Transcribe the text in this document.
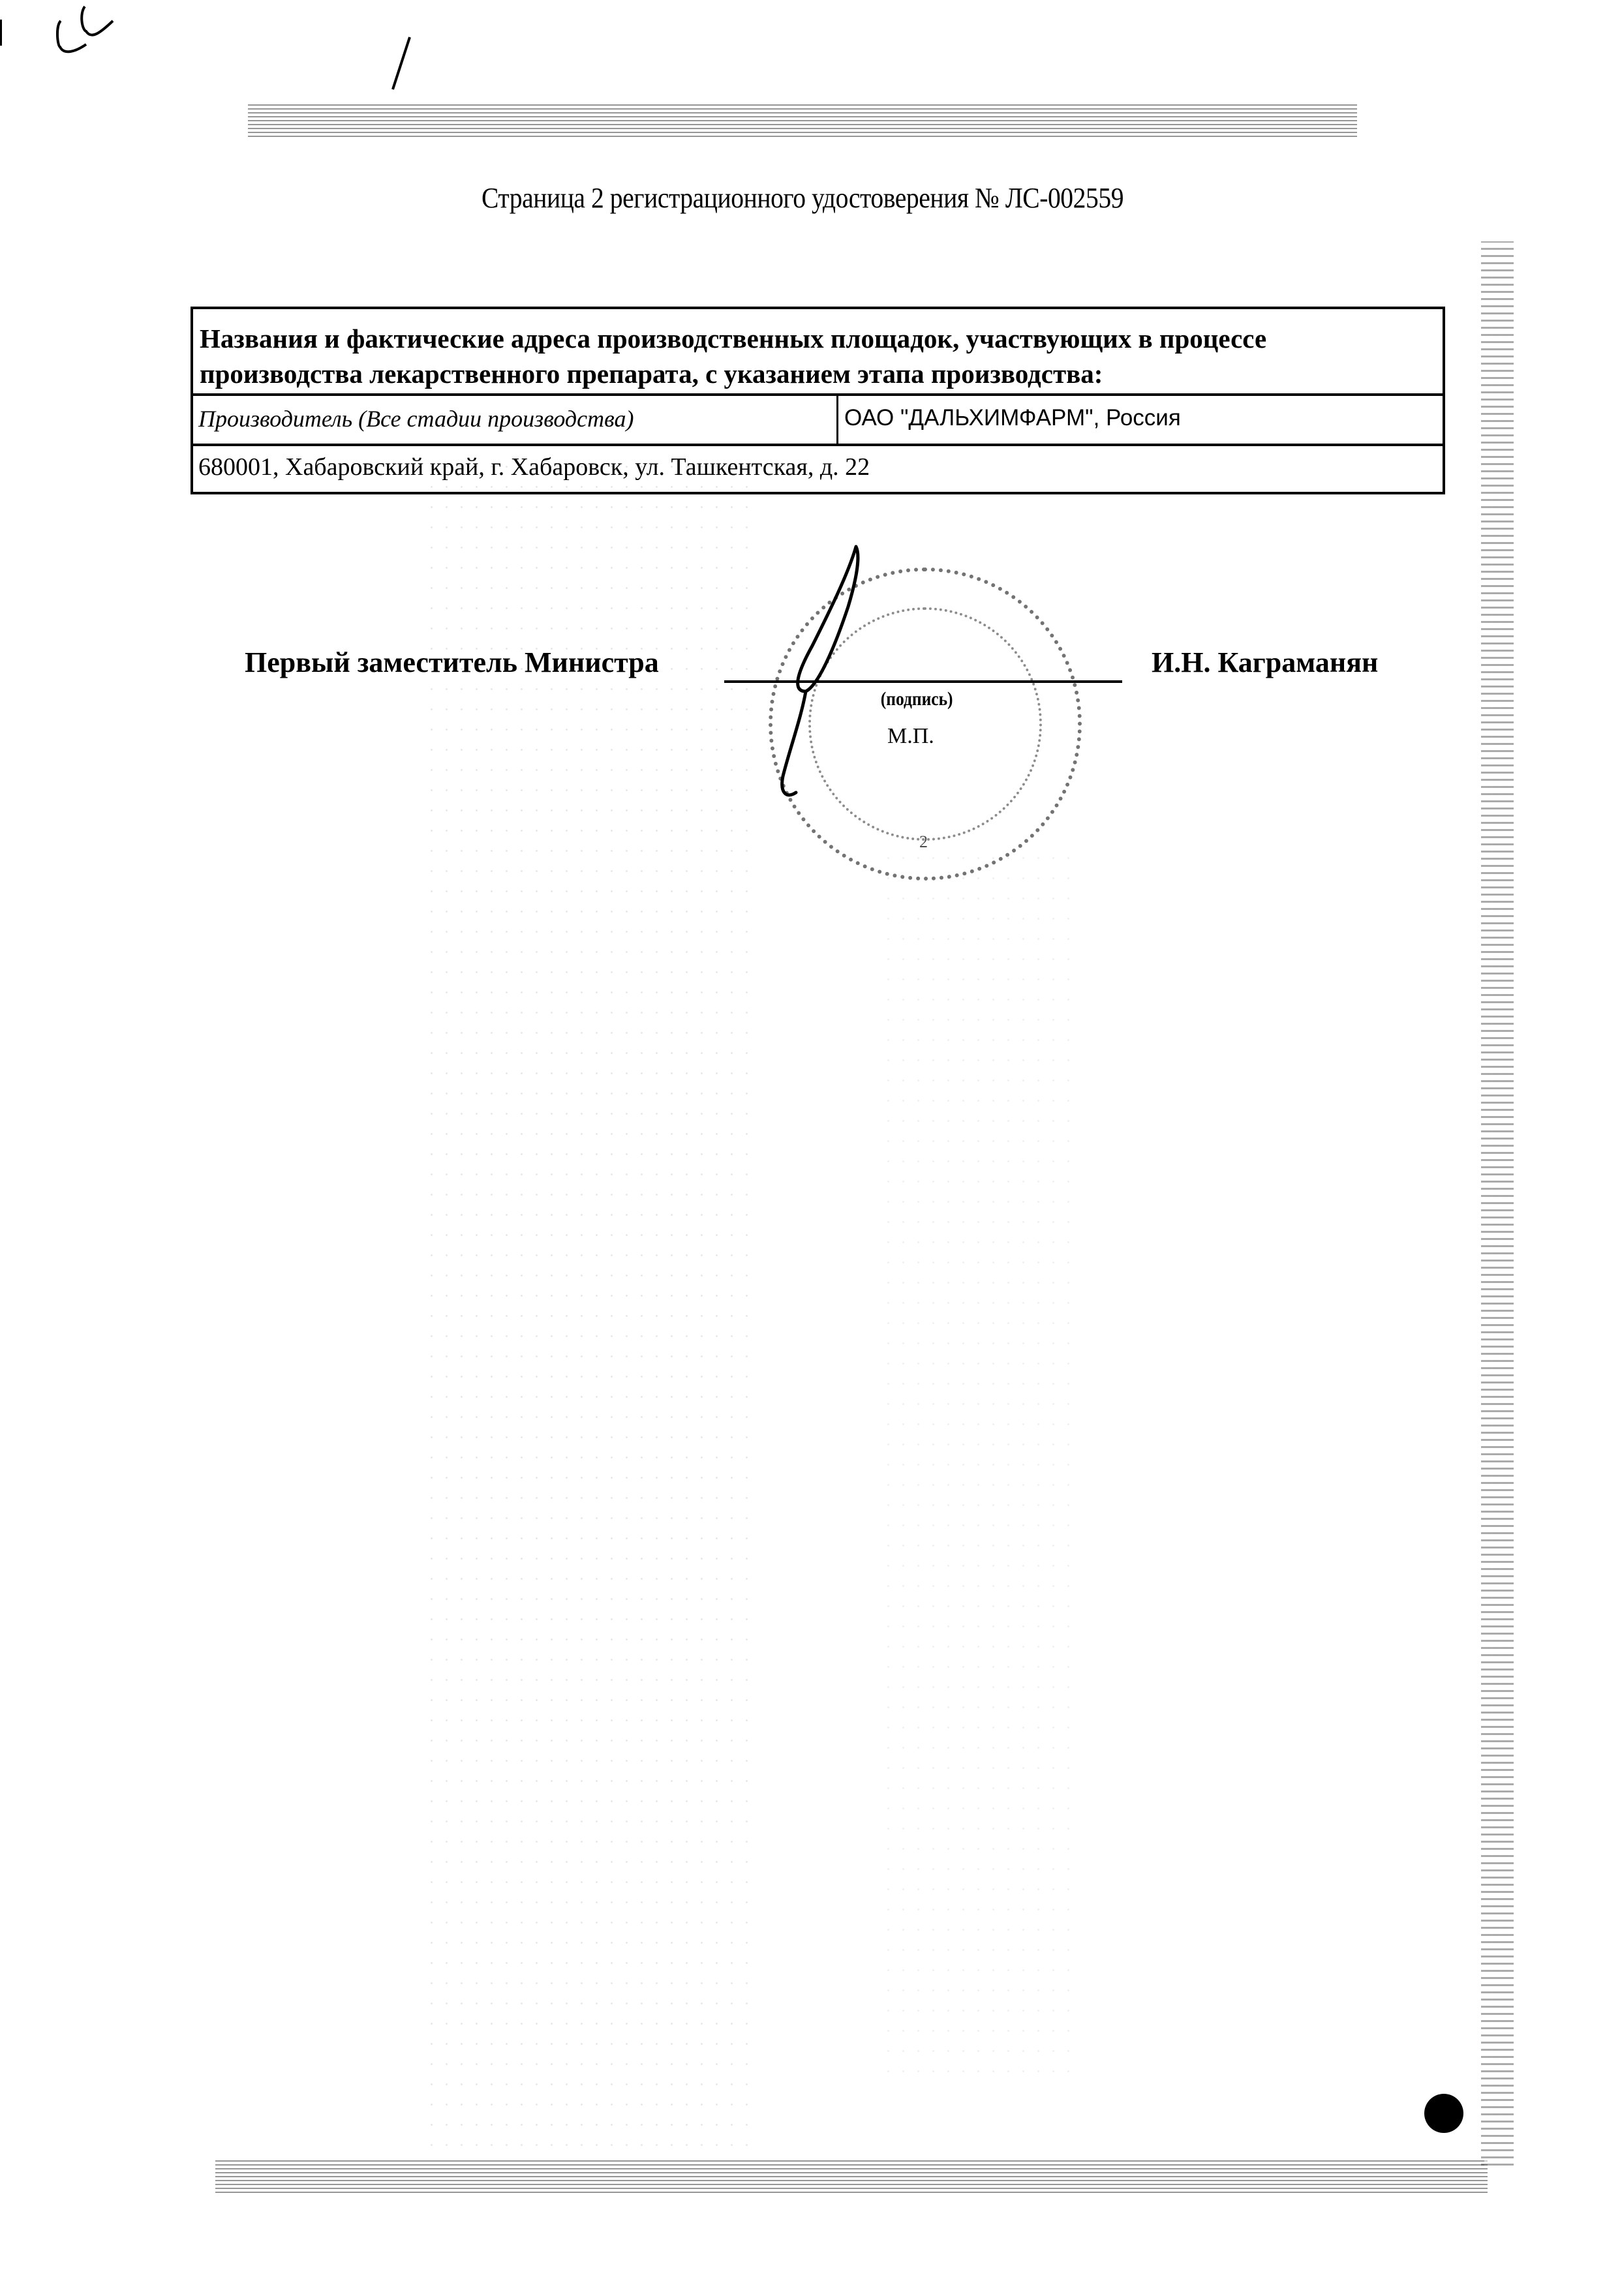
Страница 2 регистрационного удостоверения № ЛС-002559
Названия и фактические адреса производственных площадок, участвующих в процессе производства лекарственного препарата, с указанием этапа производства:
Производитель (Все стадии производства)	ОАО "ДАЛЬХИМФАРМ", Россия
680001, Хабаровский край, г. Хабаровск, ул. Ташкентская, д. 22
2
Первый заместитель Министра
(подпись)
М.П.
И.Н. Каграманян
